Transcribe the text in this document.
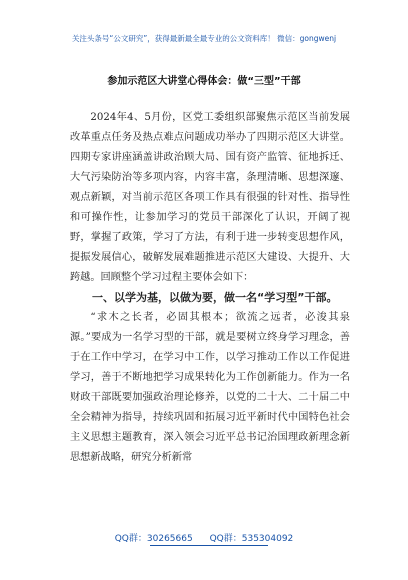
关注头条号“公文研究”，获得最新最全最专业的公文资料库！ 微信：gongwenj
参加示范区大讲堂心得体会：做“三型”干部

2024年4、5月份，区党工委组织部聚焦示范区当前发展改革重点任务及热点难点问题成功举办了四期示范区大讲堂。四期专家讲座涵盖讲政治顾大局、国有资产监管、征地拆迁、大气污染防治等多项内容，内容丰富，条理清晰、思想深邃、观点新颖，对当前示范区各项工作具有很强的针对性、指导性和可操作性，让参加学习的党员干部深化了认识，开阔了视野，掌握了政策，学习了方法，有利于进一步转变思想作风，提振发展信心，破解发展难题推进示范区大建设、大提升、大跨越。回顾整个学习过程主要体会如下：

一、以学为基，以做为要，做一名“学习型”干部。

“求木之长者，必固其根本；欲流之远者，必浚其泉源。”要成为一名学习型的干部，就是要树立终身学习理念，善于在工作中学习，在学习中工作，以学习推动工作以工作促进学习，善于不断地把学习成果转化为工作创新能力。作为一名财政干部既要加强政治理论修养，以党的二十大、二十届二中全会精神为指导，持续巩固和拓展习近平新时代中国特色社会主义思想主题教育，深入领会习近平总书记治国理政新理念新思想新战略，研究分析新常

QQ群：30265665 QQ群：535304092
